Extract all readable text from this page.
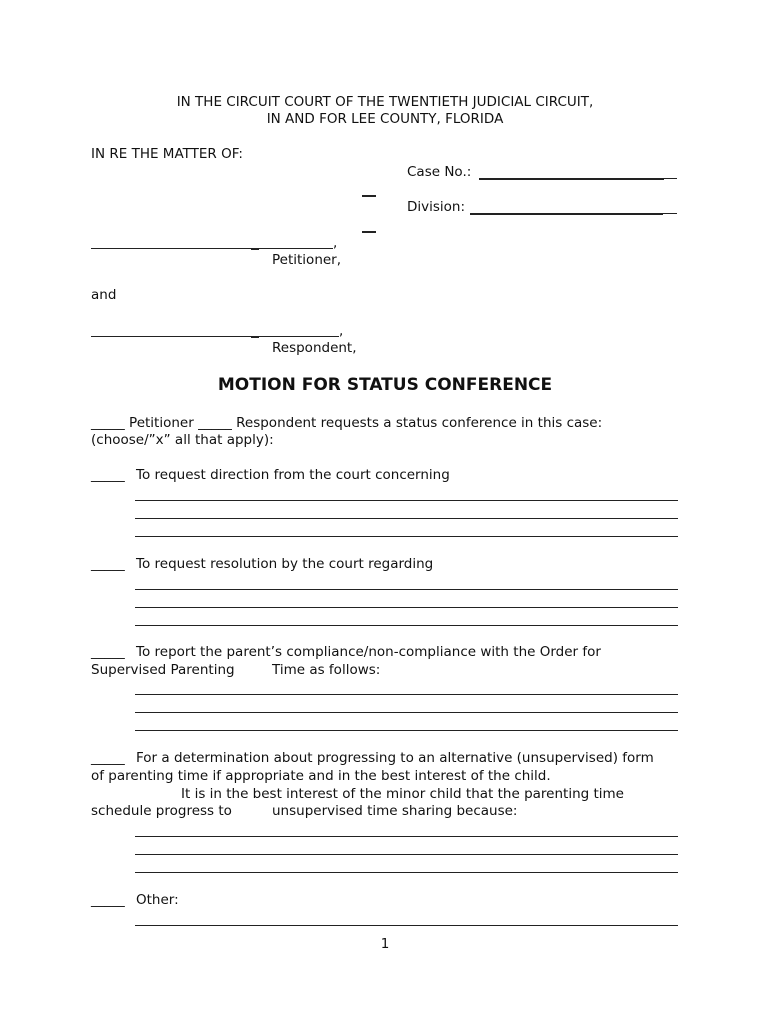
IN THE CIRCUIT COURT OF THE TWENTIETH JUDICIAL CIRCUIT,
IN AND FOR LEE COUNTY, FLORIDA
IN RE THE MATTER OF:
Case No.:
Division:
,
Petitioner,
and
,
Respondent,
MOTION FOR STATUS CONFERENCE
_____ Petitioner _____ Respondent requests a status conference in this case:
(choose/”x” all that apply):
_____ To request direction from the court concerning
_____ To request resolution by the court regarding
_____ To report the parent’s compliance/non-compliance with the Order for
Supervised Parenting	Time as follows:
_____ For a determination about progressing to an alternative (unsupervised) form
of parenting time if appropriate and in the best interest of the child.
It is in the best interest of the minor child that the parenting time
schedule progress to	unsupervised time sharing because:
_____ Other:
1
